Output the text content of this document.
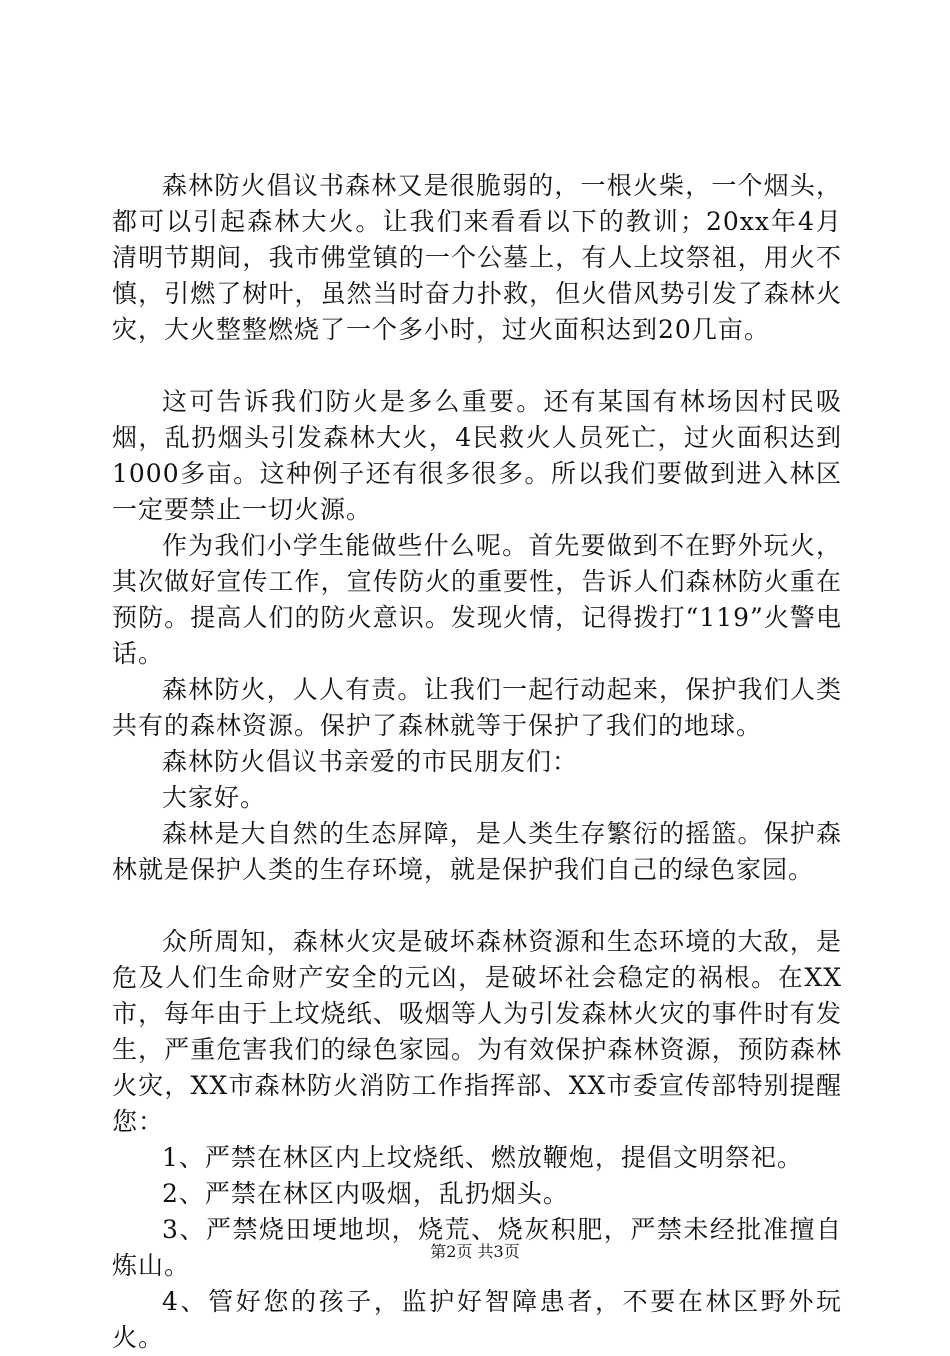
森林防火倡议书森林又是很脆弱的，一根火柴，一个烟头，都可以引起森林大火。让我们来看看以下的教训；20xx年4月清明节期间，我市佛堂镇的一个公墓上，有人上坟祭祖，用火不慎，引燃了树叶，虽然当时奋力扑救，但火借风势引发了森林火灾，大火整整燃烧了一个多小时，过火面积达到20几亩。

这可告诉我们防火是多么重要。还有某国有林场因村民吸烟，乱扔烟头引发森林大火，4民救火人员死亡，过火面积达到1000多亩。这种例子还有很多很多。所以我们要做到进入林区一定要禁止一切火源。

作为我们小学生能做些什么呢。首先要做到不在野外玩火，其次做好宣传工作，宣传防火的重要性，告诉人们森林防火重在预防。提高人们的防火意识。发现火情，记得拨打“119”火警电话。

森林防火，人人有责。让我们一起行动起来，保护我们人类共有的森林资源。保护了森林就等于保护了我们的地球。

森林防火倡议书亲爱的市民朋友们：

大家好。

森林是大自然的生态屏障，是人类生存繁衍的摇篮。保护森林就是保护人类的生存环境，就是保护我们自己的绿色家园。

众所周知，森林火灾是破坏森林资源和生态环境的大敌，是危及人们生命财产安全的元凶，是破坏社会稳定的祸根。在XX市，每年由于上坟烧纸、吸烟等人为引发森林火灾的事件时有发生，严重危害我们的绿色家园。为有效保护森林资源，预防森林火灾，XX市森林防火消防工作指挥部、XX市委宣传部特别提醒您：

1、严禁在林区内上坟烧纸、燃放鞭炮，提倡文明祭祀。

2、严禁在林区内吸烟，乱扔烟头。

3、严禁烧田埂地坝，烧荒、烧灰积肥，严禁未经批准擅自炼山。

4、管好您的孩子，监护好智障患者，不要在林区野外玩火。

第2页 共3页
